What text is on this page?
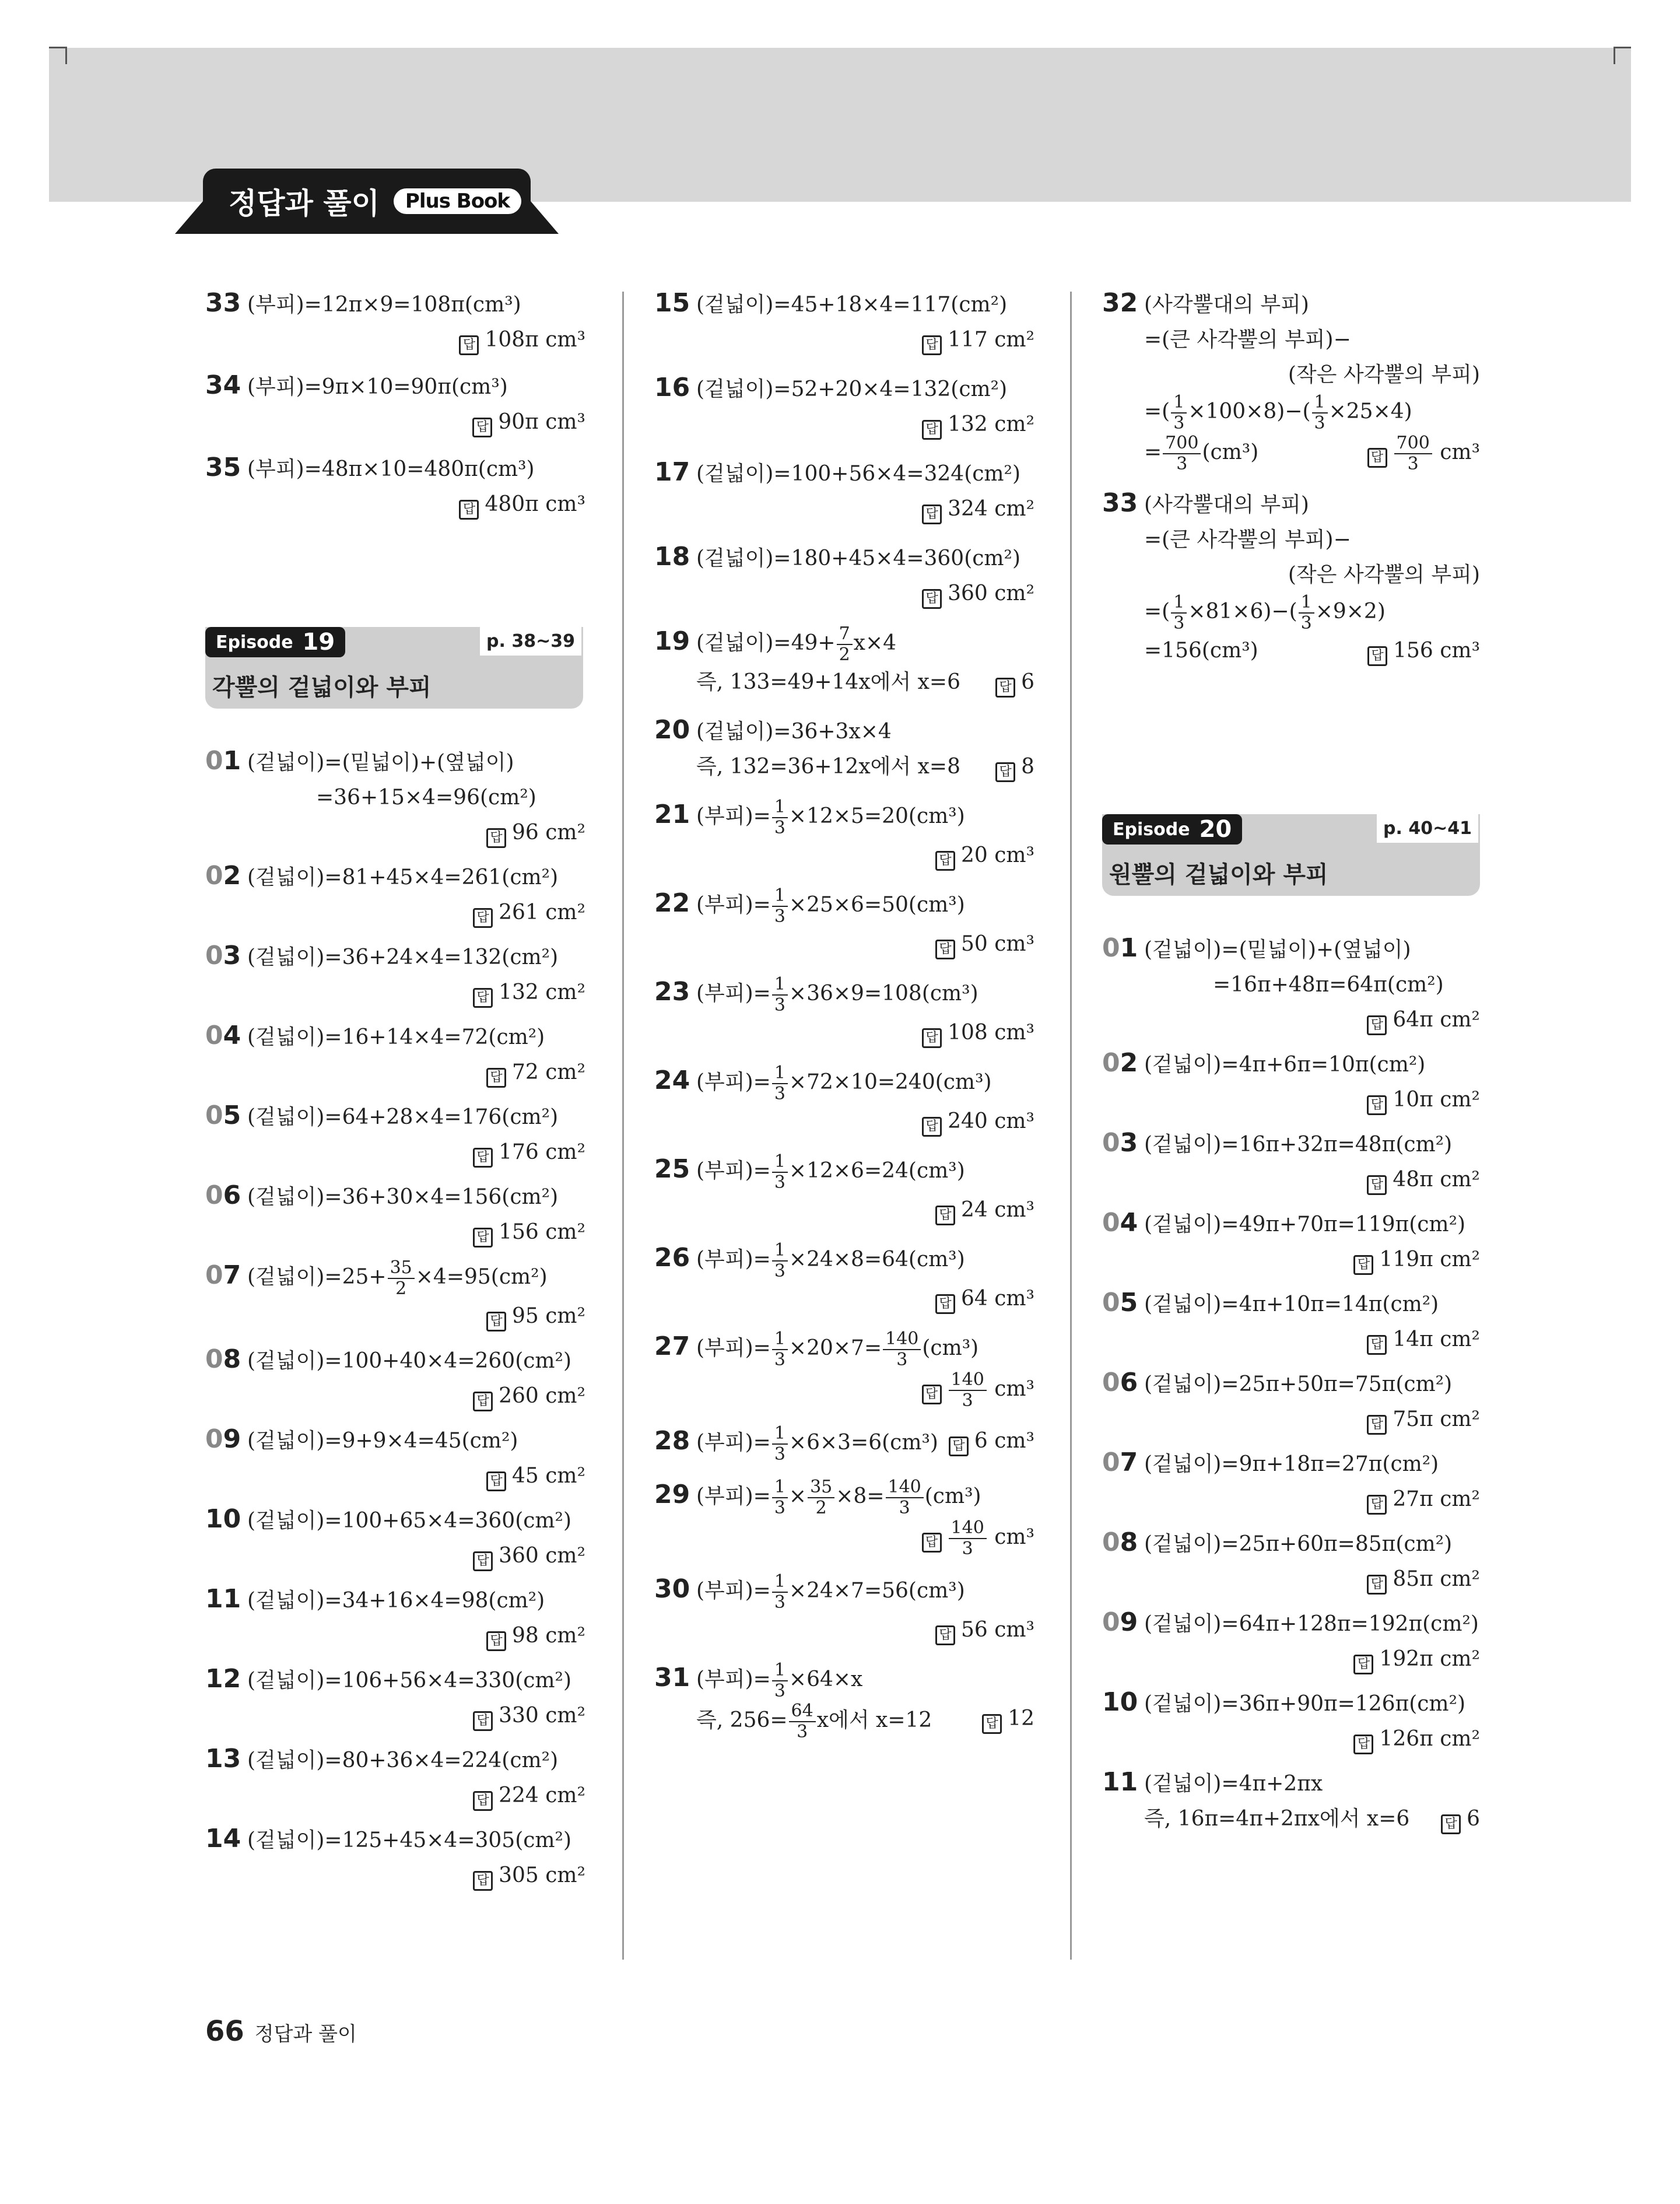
정답과 풀이	Plus Book
33 (부피)=12π×9=108π(cm³)
답 108π cm³
34 (부피)=9π×10=90π(cm³)
답 90π cm³
35 (부피)=48π×10=480π(cm³)
답 480π cm³
Episode 19	p. 38~39
각뿔의 겉넓이와 부피
01 (겉넓이)=(밑넓이)+(옆넓이)
=36+15×4=96(cm²)
답 96 cm²
02 (겉넓이)=81+45×4=261(cm²)
답 261 cm²
03 (겉넓이)=36+24×4=132(cm²)
답 132 cm²
04 (겉넓이)=16+14×4=72(cm²)
답 72 cm²
05 (겉넓이)=64+28×4=176(cm²)
답 176 cm²
06 (겉넓이)=36+30×4=156(cm²)
답 156 cm²
07 (겉넓이)$=25+ \frac{35}{2} \times 4=95(cm^2)$
답 95 cm²
08 (겉넓이)=100+40×4=260(cm²)
답 260 cm²
09 (겉넓이)=9+9×4=45(cm²)
답 45 cm²
10 (겉넓이)=100+65×4=360(cm²)
답 360 cm²
11 (겉넓이)=34+16×4=98(cm²)
답 98 cm²
12 (겉넓이)=106+56×4=330(cm²)
답 330 cm²
13 (겉넓이)=80+36×4=224(cm²)
답 224 cm²
14 (겉넓이)=125+45×4=305(cm²)
답 305 cm²
15 (겉넓이)=45+18×4=117(cm²)
답 117 cm²
16 (겉넓이)=52+20×4=132(cm²)
답 132 cm²
17 (겉넓이)=100+56×4=324(cm²)
답 324 cm²
18 (겉넓이)=180+45×4=360(cm²)
답 360 cm²
19 (겉넓이)$=49+ \frac{7}{2} x\times 4$
즉, 133=49+14x에서 x=6	답 6
20 (겉넓이)=36+3x×4
즉, 132=36+12x에서 x=8	답 8
21 (부피)= $\frac{1}{3} \times 12\times 5=20(cm^3)$
답 20 cm³
22 (부피)= $\frac{1}{3} \times 25\times 6=50(cm^3)$
답 50 cm³
23 (부피)= $\frac{1}{3} \times 36\times 9=108(cm^3)$
답 108 cm³
24 (부피)= $\frac{1}{3} \times 72\times 10=240(cm^3)$
답 240 cm³
25 (부피)= $\frac{1}{3} \times 12\times 6=24(cm^3)$
답 24 cm³
26 (부피)= $\frac{1}{3} \times 24\times 8=64(cm^3)$
답 64 cm³
27 (부피)= $\frac{1}{3} \times 20\times 7= \frac{140}{3} (cm^3)$
답 $\frac{140}{3} cm^3$
28 (부피)= $\frac{1}{3} \times 6\times 3=6(cm^3)$ 답 6 cm³
29 (부피)= $\frac{1}{3} \times \frac{35}{2} \times 8= \frac{140}{3} (cm^3)$
답 $\frac{140}{3} cm^3$
30 (부피)= $\frac{1}{3} \times 24\times 7=56(cm^3)$
답 56 cm³
31 (부피)= $\frac{1}{3} \times 64\times x$
즉, $256= \frac{64}{3}$ x에서 x=12	답 12
32 (사각뿔대의 부피)
=(큰 사각뿔의 부피)−
(작은 사각뿔의 부피)
=( $\frac{1}{3} \times 100\times 8)-( \frac{1}{3} \times 25\times 4)$
= $\frac{700}{3} (cm^3)$	답 $\frac{700}{3} cm^3$
33 (사각뿔대의 부피)
=(큰 사각뿔의 부피)−
(작은 사각뿔의 부피)
=( $\frac{1}{3} \times 81\times 6)-( \frac{1}{3} \times 9\times 2)$
=156(cm³)	답 156 cm³
Episode 20	p. 40~41
원뿔의 겉넓이와 부피
01 (겉넓이)=(밑넓이)+(옆넓이)
=16π+48π=64π(cm²)
답 64π cm²
02 (겉넓이)=4π+6π=10π(cm²)
답 10π cm²
03 (겉넓이)=16π+32π=48π(cm²)
답 48π cm²
04 (겉넓이)=49π+70π=119π(cm²)
답 119π cm²
05 (겉넓이)=4π+10π=14π(cm²)
답 14π cm²
06 (겉넓이)=25π+50π=75π(cm²)
답 75π cm²
07 (겉넓이)=9π+18π=27π(cm²)
답 27π cm²
08 (겉넓이)=25π+60π=85π(cm²)
답 85π cm²
09 (겉넓이)=64π+128π=192π(cm²)
답 192π cm²
10 (겉넓이)=36π+90π=126π(cm²)
답 126π cm²
11 (겉넓이)=4π+2πx
즉, 16π=4π+2πx에서 x=6	답 6
66 정답과 풀이
